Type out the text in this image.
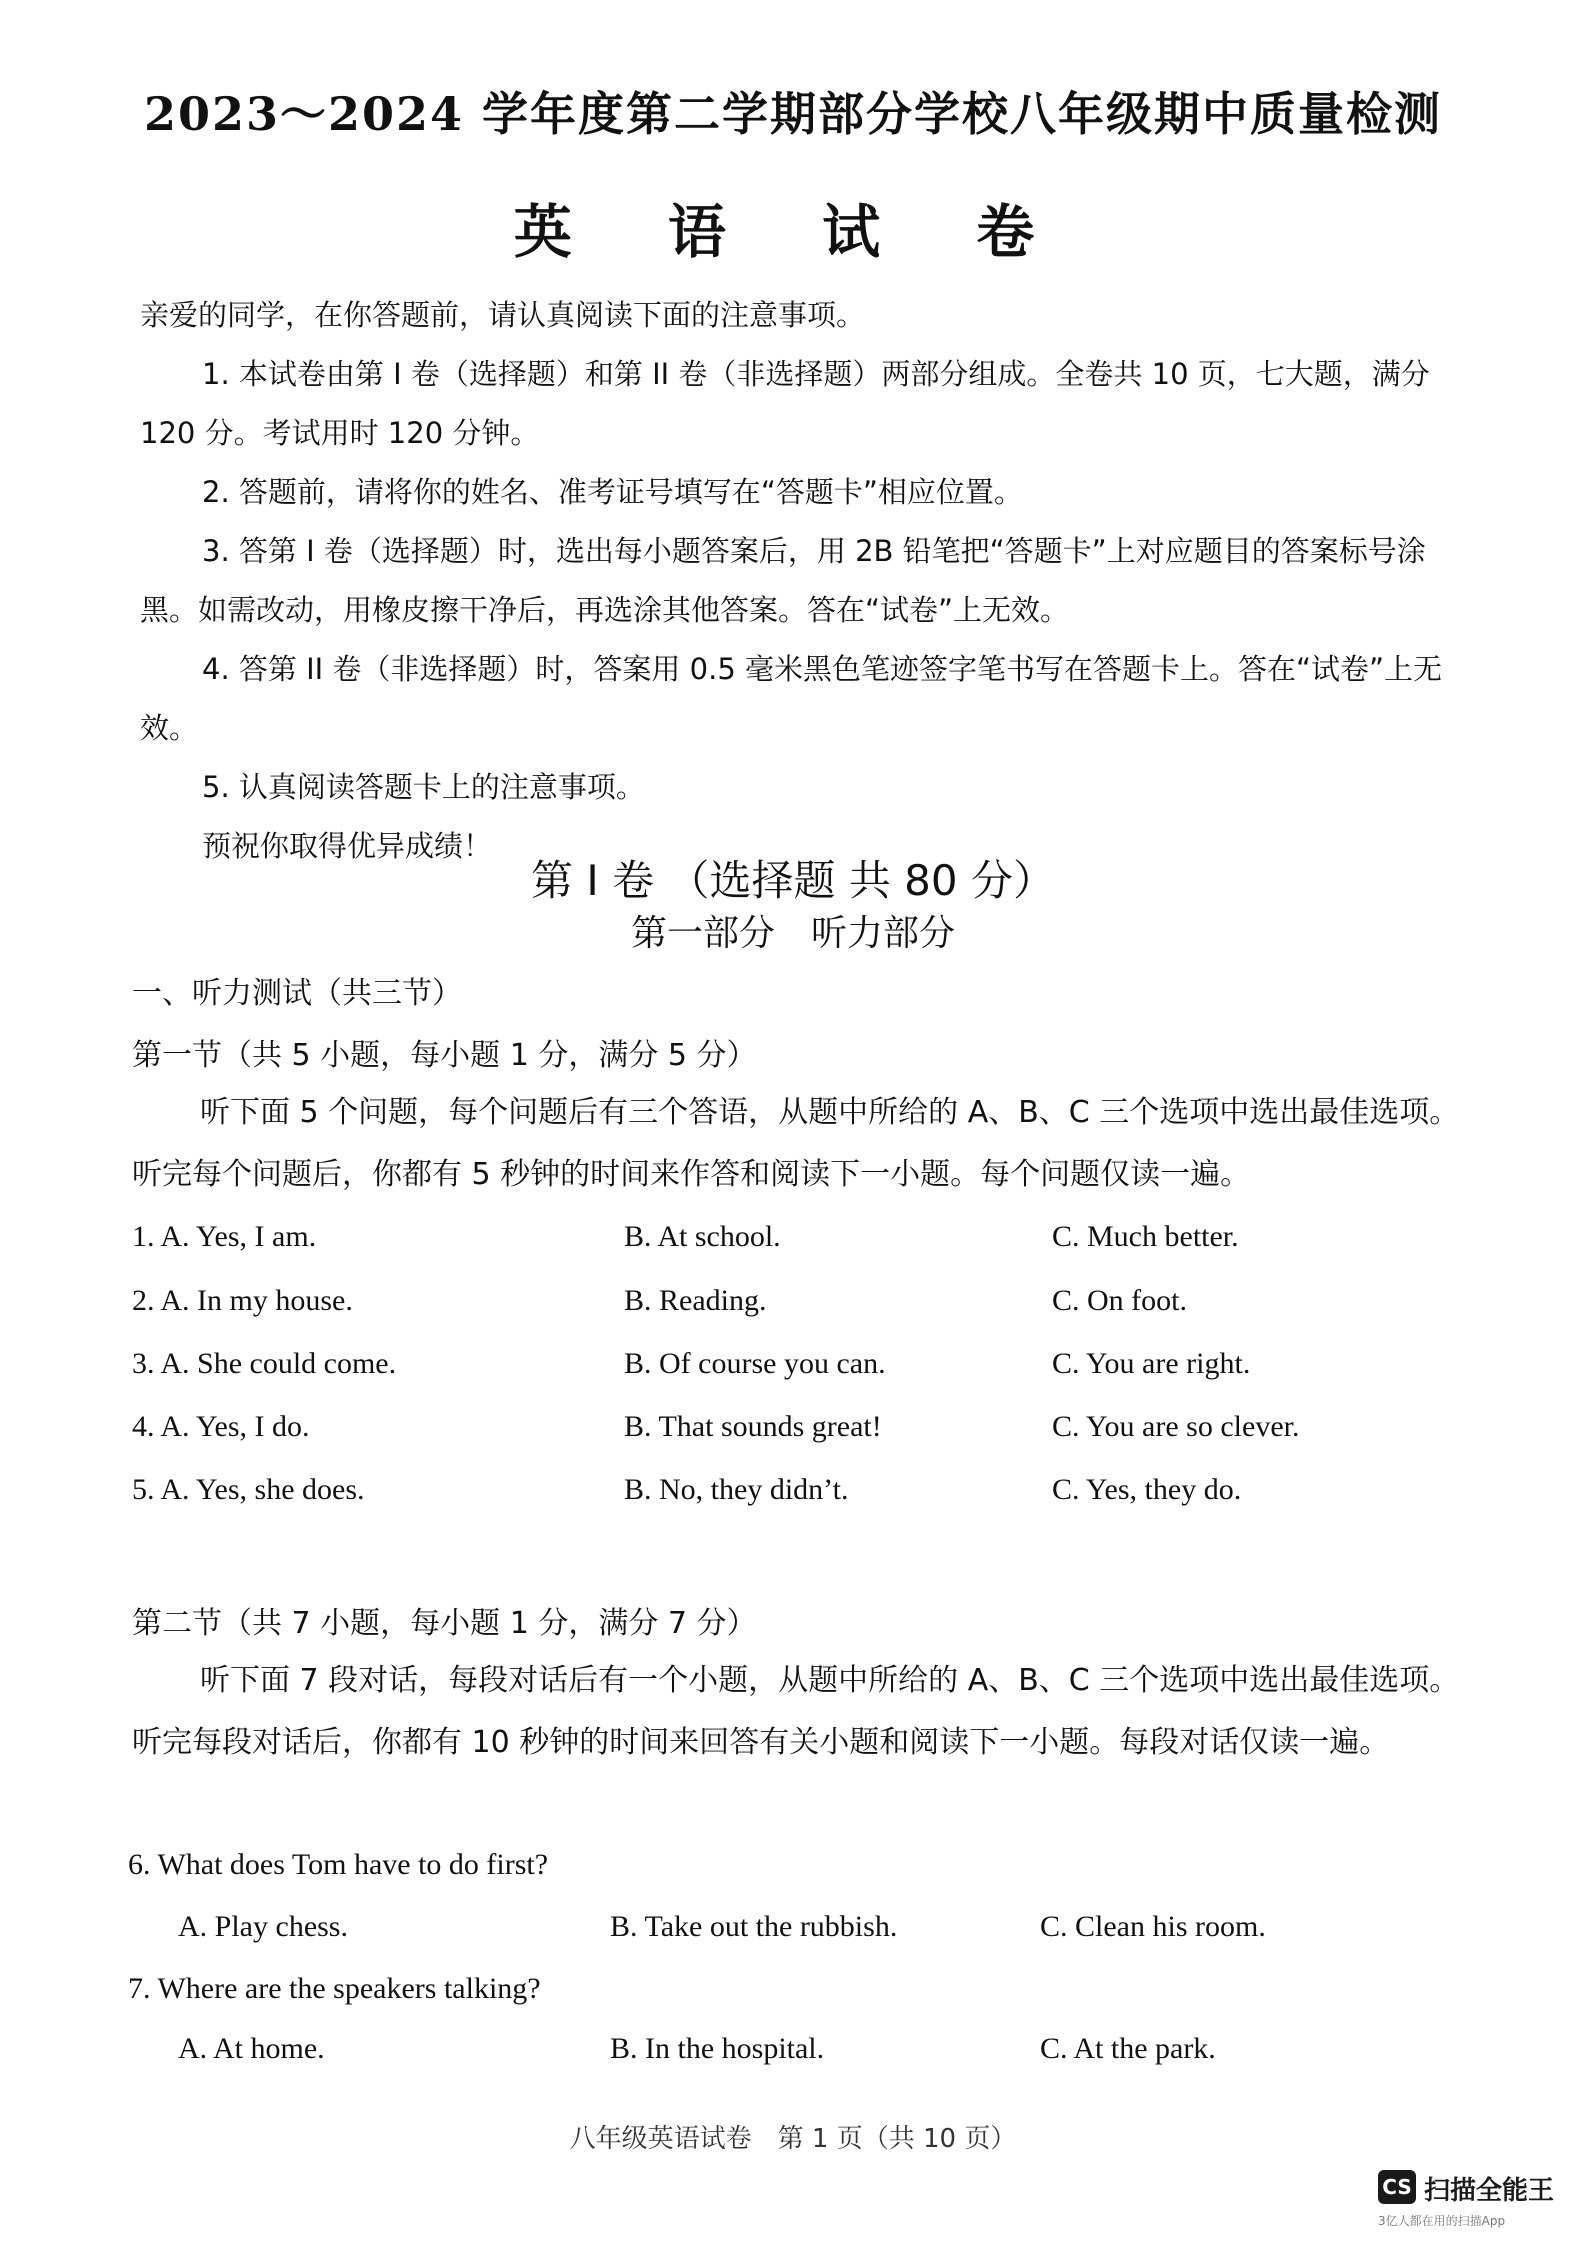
2023～2024 学年度第二学期部分学校八年级期中质量检测
英 语 试 卷

亲爱的同学，在你答题前，请认真阅读下面的注意事项。

1. 本试卷由第 I 卷（选择题）和第 II 卷（非选择题）两部分组成。全卷共 10 页，七大题，满分 120 分。考试用时 120 分钟。

2. 答题前，请将你的姓名、准考证号填写在“答题卡”相应位置。

3. 答第 I 卷（选择题）时，选出每小题答案后，用 2B 铅笔把“答题卡”上对应题目的答案标号涂黑。如需改动，用橡皮擦干净后，再选涂其他答案。答在“试卷”上无效。

4. 答第 II 卷（非选择题）时，答案用 0.5 毫米黑色笔迹签字笔书写在答题卡上。答在“试卷”上无效。

5. 认真阅读答题卡上的注意事项。

预祝你取得优异成绩！

第 I 卷 （选择题 共 80 分）
第一部分　听力部分
一、听力测试（共三节）
第一节（共 5 小题，每小题 1 分，满分 5 分）

听下面 5 个问题，每个问题后有三个答语，从题中所给的 A、B、C 三个选项中选出最佳选项。听完每个问题后，你都有 5 秒钟的时间来作答和阅读下一小题。每个问题仅读一遍。

1. A. Yes, I am.	B. At school.	C. Much better.
2. A. In my house.	B. Reading.	C. On foot.
3. A. She could come.	B. Of course you can.	C. You are right.
4. A. Yes, I do.	B. That sounds great!	C. You are so clever.
5. A. Yes, she does.	B. No, they didn’t.	C. Yes, they do.
第二节（共 7 小题，每小题 1 分，满分 7 分）

听下面 7 段对话，每段对话后有一个小题，从题中所给的 A、B、C 三个选项中选出最佳选项。听完每段对话后，你都有 10 秒钟的时间来回答有关小题和阅读下一小题。每段对话仅读一遍。

6. What does Tom have to do first?
A. Play chess.	B. Take out the rubbish.	C. Clean his room.
7. Where are the speakers talking?
A. At home.	B. In the hospital.	C. At the park.
八年级英语试卷　第 1 页（共 10 页）
CS 扫描全能王
3亿人都在用的扫描App
